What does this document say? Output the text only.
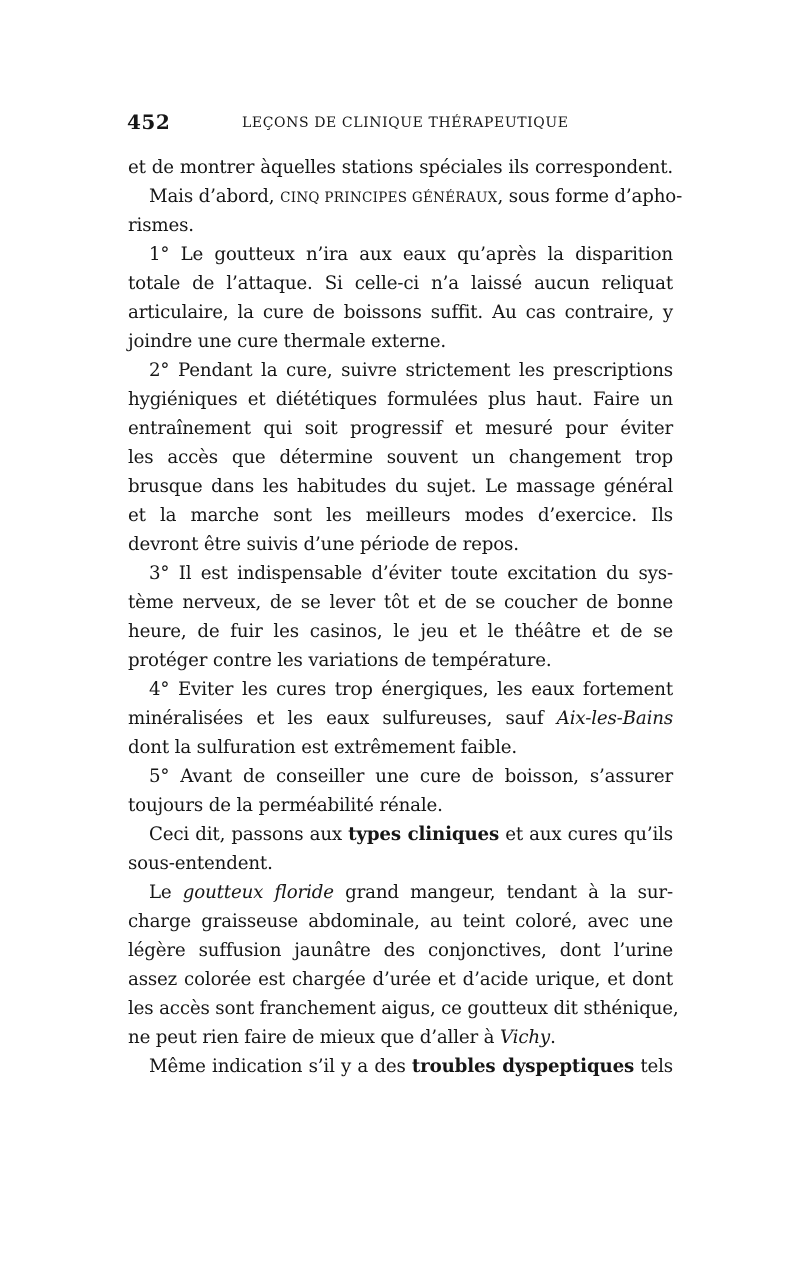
452	LEÇONS DE CLINIQUE THÉRAPEUTIQUE
et de montrer àquelles stations spéciales ils correspondent.
Mais d’abord, CINQ PRINCIPES GÉNÉRAUX, sous forme d’apho-
rismes.
1° Le goutteux n’ira aux eaux qu’après la disparition
totale de l’attaque. Si celle-ci n’a laissé aucun reliquat
articulaire, la cure de boissons suffit. Au cas contraire, y
joindre une cure thermale externe.
2° Pendant la cure, suivre strictement les prescriptions
hygiéniques et diététiques formulées plus haut. Faire un
entraînement qui soit progressif et mesuré pour éviter
les accès que détermine souvent un changement trop
brusque dans les habitudes du sujet. Le massage général
et la marche sont les meilleurs modes d’exercice. Ils
devront être suivis d’une période de repos.
3° Il est indispensable d’éviter toute excitation du sys-
tème nerveux, de se lever tôt et de se coucher de bonne
heure, de fuir les casinos, le jeu et le théâtre et de se
protéger contre les variations de température.
4° Eviter les cures trop énergiques, les eaux fortement
minéralisées et les eaux sulfureuses, sauf Aix-les-Bains
dont la sulfuration est extrêmement faible.
5° Avant de conseiller une cure de boisson, s’assurer
toujours de la perméabilité rénale.
Ceci dit, passons aux types cliniques et aux cures qu’ils
sous-entendent.
Le goutteux floride grand mangeur, tendant à la sur-
charge graisseuse abdominale, au teint coloré, avec une
légère suffusion jaunâtre des conjonctives, dont l’urine
assez colorée est chargée d’urée et d’acide urique, et dont
les accès sont franchement aigus, ce goutteux dit sthénique,
ne peut rien faire de mieux que d’aller à Vichy.
Même indication s’il y a des troubles dyspeptiques tels
